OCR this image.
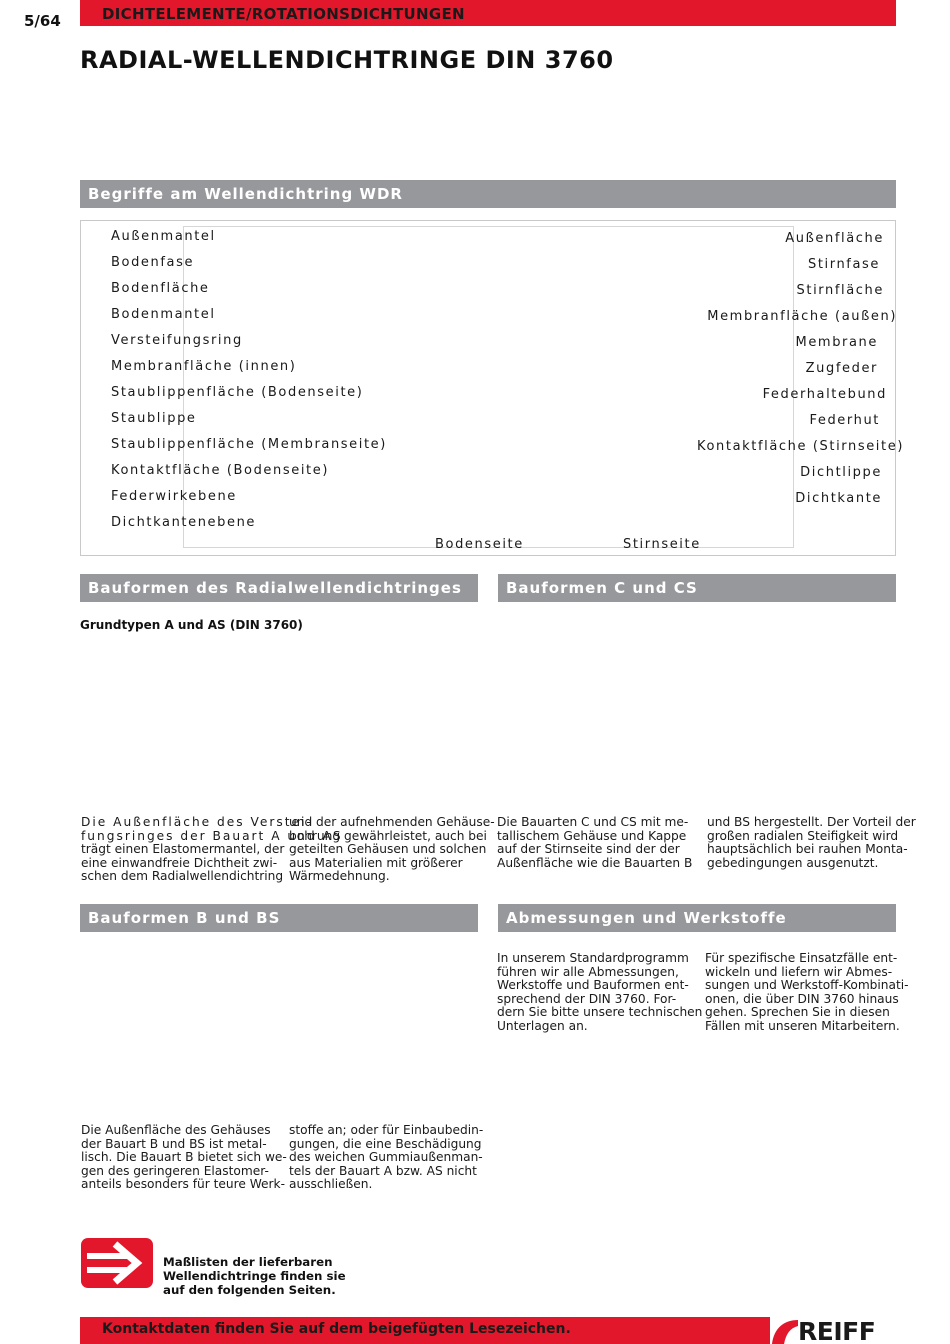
5/64	DICHTELEMENTE/ROTATIONSDICHTUNGEN
RADIAL-WELLENDICHTRINGE DIN 3760
Begriffe am Wellendichtring WDR
Außenmantel
Bodenfase
Bodenfläche
Bodenmantel
Versteifungsring
Membranfläche (innen)
Staublippenfläche (Bodenseite)
Staublippe
Staublippenfläche (Membranseite)
Kontaktfläche (Bodenseite)
Federwirkebene
Dichtkantenebene
Außenfläche
Stirnfase
Stirnfläche
Membranfläche (außen)
Membrane
Zugfeder
Federhaltebund
Federhut
Kontaktfläche (Stirnseite)
Dichtlippe
Dichtkante
Bodenseite	Stirnseite
Bauformen des Radialwellendichtringes	Bauformen C und CS
Grundtypen A und AS (DIN 3760)
Die Außenfläche des Verstei-
fungsringes der Bauart A und AS
trägt einen Elastomermantel, der
eine einwandfreie Dichtheit zwi-
schen dem Radialwellendichtring
und der aufnehmenden Gehäuse-
bohrung gewährleistet, auch bei
geteilten Gehäusen und solchen
aus Materialien mit größerer
Wärmedehnung.
Die Bauarten C und CS mit me-
tallischem Gehäuse und Kappe
auf der Stirnseite sind der der
Außenfläche wie die Bauarten B
und BS hergestellt. Der Vorteil der
großen radialen Steifigkeit wird
hauptsächlich bei rauhen Monta-
gebedingungen ausgenutzt.
Bauformen B und BS	Abmessungen und Werkstoffe
In unserem Standardprogramm
führen wir alle Abmessungen,
Werkstoffe und Bauformen ent-
sprechend der DIN 3760. For-
dern Sie bitte unsere technischen
Unterlagen an.
Für spezifische Einsatzfälle ent-
wickeln und liefern wir Abmes-
sungen und Werkstoff-Kombinati-
onen, die über DIN 3760 hinaus
gehen. Sprechen Sie in diesen
Fällen mit unseren Mitarbeitern.
Die Außenfläche des Gehäuses
der Bauart B und BS ist metal-
lisch. Die Bauart B bietet sich we-
gen des geringeren Elastomer-
anteils besonders für teure Werk-
stoffe an; oder für Einbaubedin-
gungen, die eine Beschädigung
des weichen Gummiaußenman-
tels der Bauart A bzw. AS nicht
ausschließen.
Maßlisten der lieferbaren
Wellendichtringe finden sie
auf den folgenden Seiten.
Kontaktdaten finden Sie auf dem beigefügten Lesezeichen.	REIFF
